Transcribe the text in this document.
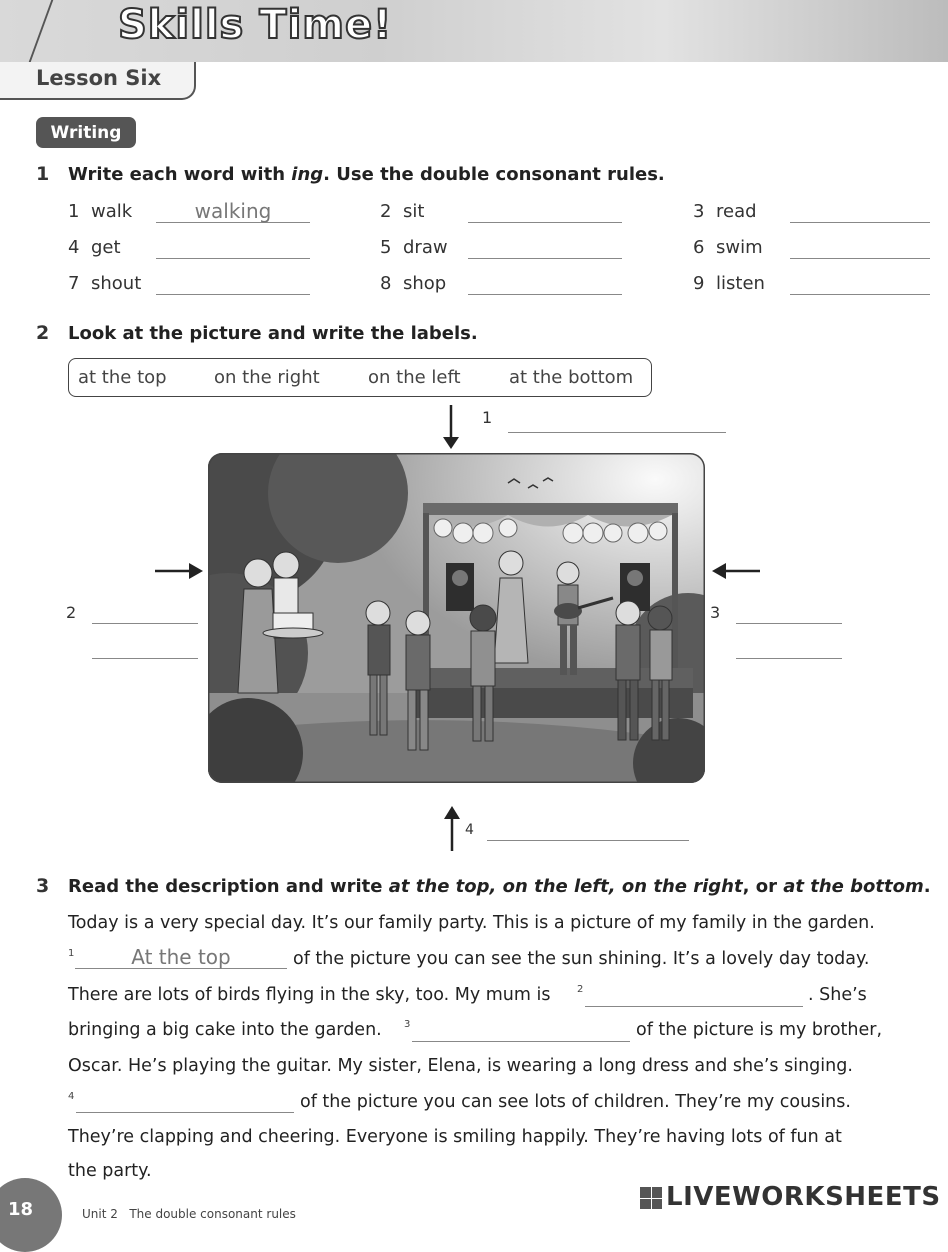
Skills Time!
Lesson Six
Writing
1 Write each word with ing. Use the double consonant rules.
1 walk	walking	2 sit	3 read
4 get	5 draw	6 swim
7 shout	8 shop	9 listen
2 Look at the picture and write the labels.
at the top	on the right	on the left	at the bottom
1
2	3
4
3 Read the description and write at the top, on the left, on the right, or at the bottom.
Today is a very special day. It’s our family party. This is a picture of my family in the garden.
1	At the top	of the picture you can see the sun shining. It’s a lovely day today.
There are lots of birds flying in the sky, too. My mum is	2	. She’s
bringing a big cake into the garden. 3	of the picture is my brother,
Oscar. He’s playing the guitar. My sister, Elena, is wearing a long dress and she’s singing.
4	of the picture you can see lots of children. They’re my cousins.
They’re clapping and cheering. Everyone is smiling happily. They’re having lots of fun at
the party.
18	Unit 2   The double consonant rules
LIVEWORKSHEETS
